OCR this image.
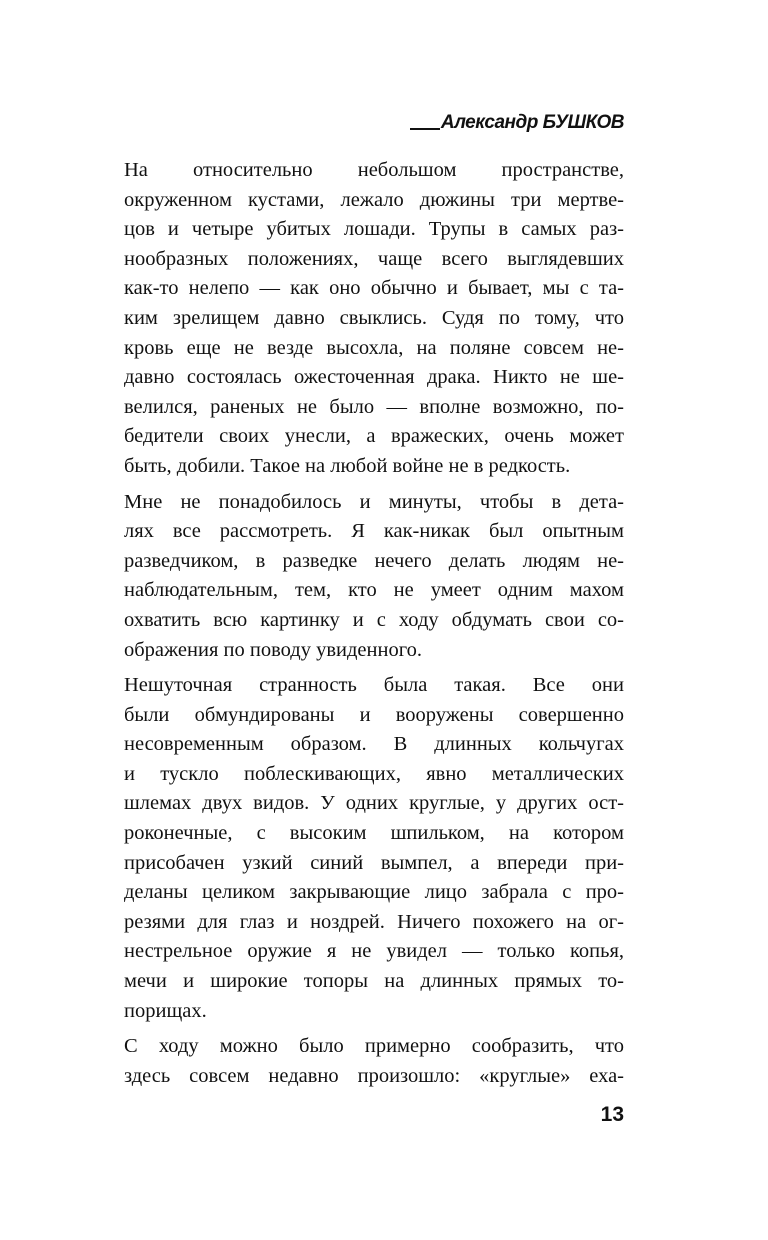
Александр БУШКОВ
На относительно небольшом пространстве,
окруженном кустами, лежало дюжины три мертве-
цов и четыре убитых лошади. Трупы в самых раз-
нообразных положениях, чаще всего выглядевших
как-то нелепо — как оно обычно и бывает, мы с та-
ким зрелищем давно свыклись. Судя по тому, что
кровь еще не везде высохла, на поляне совсем не-
давно состоялась ожесточенная драка. Никто не ше-
велился, раненых не было — вполне возможно, по-
бедители своих унесли, а вражеских, очень может
быть, добили. Такое на любой войне не в редкость.
Мне не понадобилось и минуты, чтобы в дета-
лях все рассмотреть. Я как-никак был опытным
разведчиком, в разведке нечего делать людям не-
наблюдательным, тем, кто не умеет одним махом
охватить всю картинку и с ходу обдумать свои со-
ображения по поводу увиденного.
Нешуточная странность была такая. Все они
были обмундированы и вооружены совершенно
несовременным образом. В длинных кольчугах
и тускло поблескивающих, явно металлических
шлемах двух видов. У одних круглые, у других ост-
роконечные, с высоким шпильком, на котором
присобачен узкий синий вымпел, а впереди при-
деланы целиком закрывающие лицо забрала с про-
резями для глаз и ноздрей. Ничего похожего на ог-
нестрельное оружие я не увидел — только копья,
мечи и широкие топоры на длинных прямых то-
порищах.
С ходу можно было примерно сообразить, что
здесь совсем недавно произошло: «круглые» еха-
13
